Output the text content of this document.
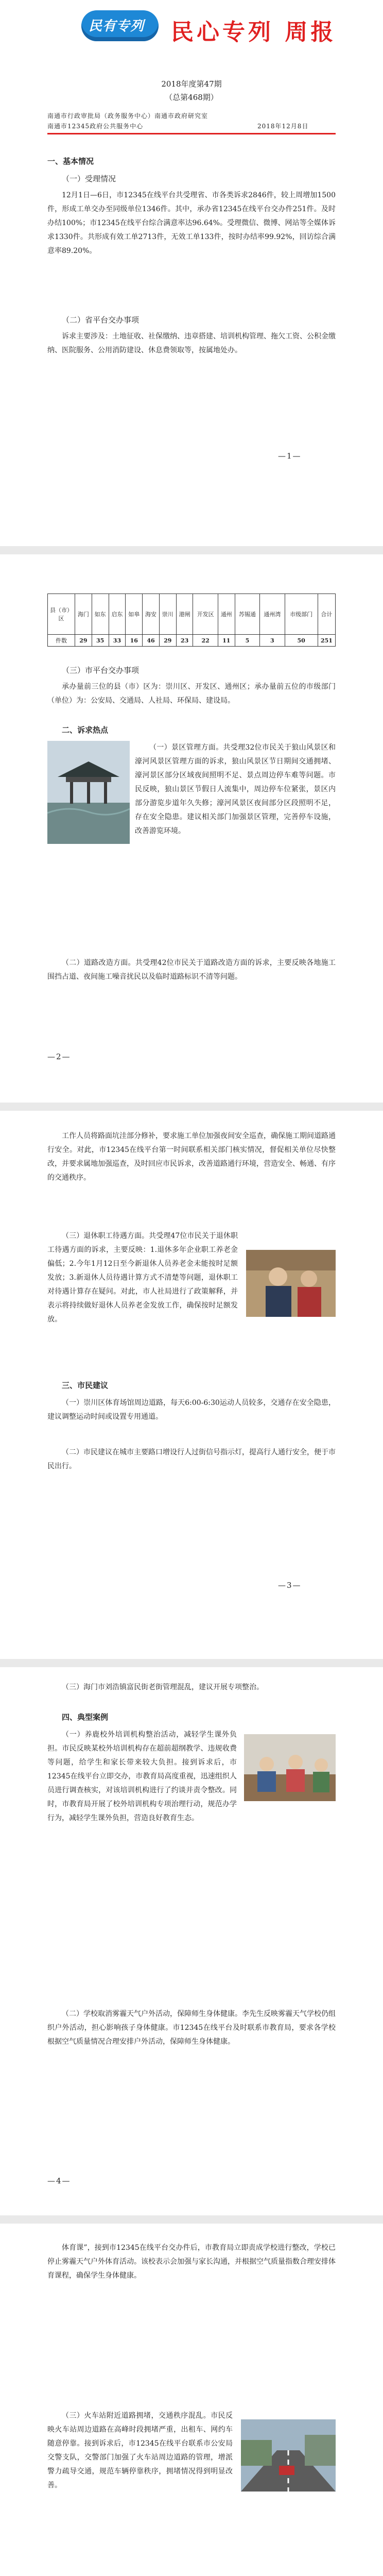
民有专列 民心专列 周报
2018年度第47期
（总第468期）
南通市行政审批局（政务服务中心）南通市政府研究室
南通市12345政府公共服务中心	2018年12月8日
一、基本情况
（一）受理情况
12月1日—6日，市12345在线平台共受理省、市各类诉求2846件，较上周增加1500件，形成工单交办至同级单位1346件。其中，承办省12345在线平台交办件251件。及时办结100%；市12345在线平台综合满意率达96.64%。受理微信、微博、网站等全媒体诉求1330件。共形成有效工单2713件，无效工单133件，按时办结率99.92%，回访综合满意率89.20%。
（二）省平台交办事项
诉求主要涉及：土地征收、社保缴纳、违章搭建、培训机构管理、拖欠工资、公积金缴纳、医院服务、公用消防建设、休息费领取等，按属地处办。
—1—
县（市）区	海门	如东	启东	如皋	海安	崇川	港闸	开发区	通州	苏锡通	通州湾	市级部门	合计
件数	29	35	33	16	46	29	23	22	11	5	3	50	251
（三）市平台交办事项
承办量前三位的县（市）区为：崇川区、开发区、通州区；承办量前五位的市级部门（单位）为：公安局、交通局、人社局、环保局、建设局。
二、诉求热点
（一）景区管理方面。共受理32位市民关于狼山风景区和濠河风景区管理方面的诉求，狼山风景区节日期间交通拥堵、濠河景区部分区域夜间照明不足、景点周边停车难等问题。市民反映，狼山景区节假日人流集中，周边停车位紧张，景区内部分游览步道年久失修；濠河风景区夜间部分区段照明不足，存在安全隐患。建议相关部门加强景区管理，完善停车设施，改善游览环境。
（二）道路改造方面。共受理42位市民关于道路改造方面的诉求，主要反映各地施工围挡占道、夜间施工噪音扰民以及临时道路标识不清等问题。
—2—
工作人员将路面坑洼部分修补，要求施工单位加强夜间安全巡查，确保施工期间道路通行安全。对此，市12345在线平台第一时间联系相关部门核实情况，督促相关单位尽快整改，并要求属地加强巡查，及时回应市民诉求，改善道路通行环境，营造安全、畅通、有序的交通秩序。
（三）退休职工待遇方面。共受理47位市民关于退休职工待遇方面的诉求，主要反映：1.退休多年企业职工养老金偏低；2.今年1月12日至今新退休人员养老金未能按时足额发放；3.新退休人员待遇计算方式不清楚等问题，退休职工对待遇计算存在疑问。对此，市人社局进行了政策解释，并表示将持续做好退休人员养老金发放工作，确保按时足额发放。
三、市民建议
（一）崇川区体育场馆周边道路，每天6:00-6:30运动人员较多，交通存在安全隐患，建议调整运动时间或设置专用通道。
（二）市民建议在城市主要路口增设行人过街信号指示灯，提高行人通行安全，便于市民出行。
—3—
（三）海门市刘浩镇富民街老街管理混乱，建议开展专项整治。
四、典型案例
（一）养鹿校外培训机构整治活动，减轻学生课外负担。市民反映某校外培训机构存在超前超纲教学、违规收费等问题，给学生和家长带来较大负担。接到诉求后，市12345在线平台立即交办，市教育局高度重视，迅速组织人员进行调查核实，对该培训机构进行了约谈并责令整改。同时，市教育局开展了校外培训机构专项治理行动，规范办学行为，减轻学生课外负担，营造良好教育生态。
（二）学校取消雾霾天气户外活动，保障师生身体健康。李先生反映雾霾天气学校仍组织户外活动，担心影响孩子身体健康。市12345在线平台及时联系市教育局，要求各学校根据空气质量情况合理安排户外活动，保障师生身体健康。
—4—
体育课”，接到市12345在线平台交办件后，市教育局立即责成学校进行整改，学校已停止雾霾天气户外体育活动。该校表示会加强与家长沟通，并根据空气质量指数合理安排体育课程，确保学生身体健康。
（三）火车站附近道路拥堵，交通秩序混乱。市民反映火车站周边道路在高峰时段拥堵严重，出租车、网约车随意停靠。接到诉求后，市12345在线平台联系市公安局交警支队，交警部门加强了火车站周边道路的管理，增派警力疏导交通，规范车辆停靠秩序，拥堵情况得到明显改善。
